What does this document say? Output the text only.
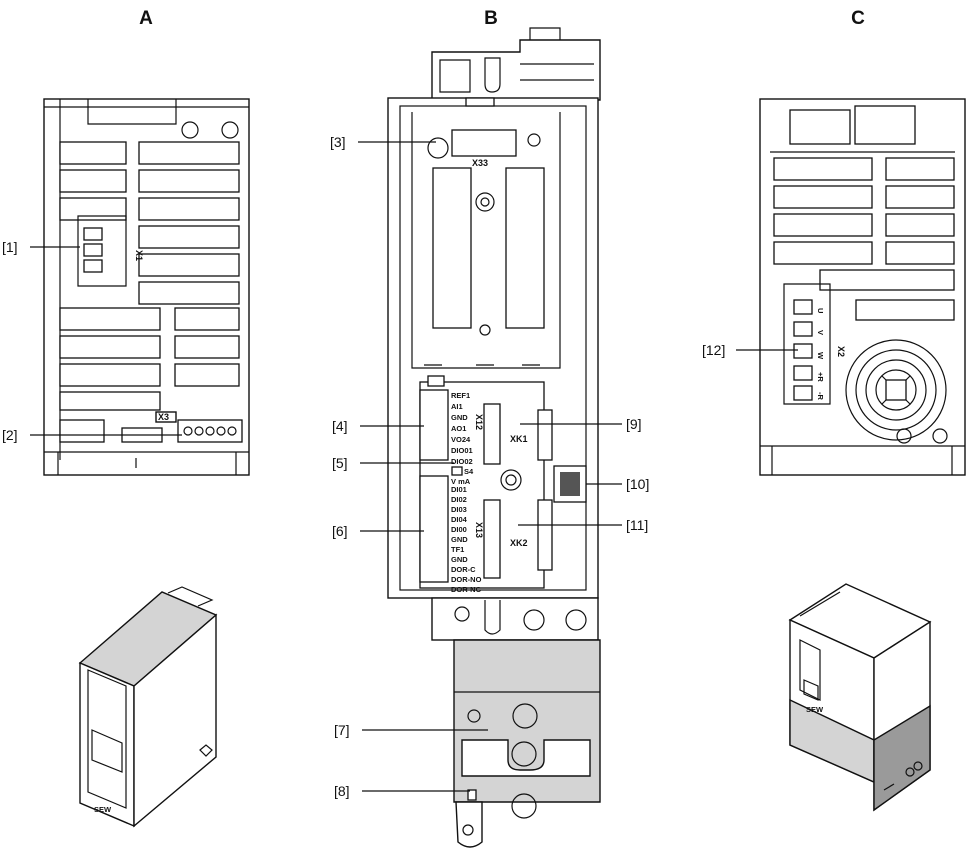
A	B	C
X1
X3
[1]
[2]
SEW
X33
REF1
AI1
GND
AO1
VO24
DIO01
DIO02
X12
S4
V mA
DI01
DI02
DI03
DI04
DI00
GND
TF1
GND
DOR-C
DOR-NO
DOR-NC
X13
XK1
XK2
[3]
[4]
[5]
[6]
[7]
[8]
[9]
[10]
[11]
U
V
W
+R
-R
X2
[12]
SEW
